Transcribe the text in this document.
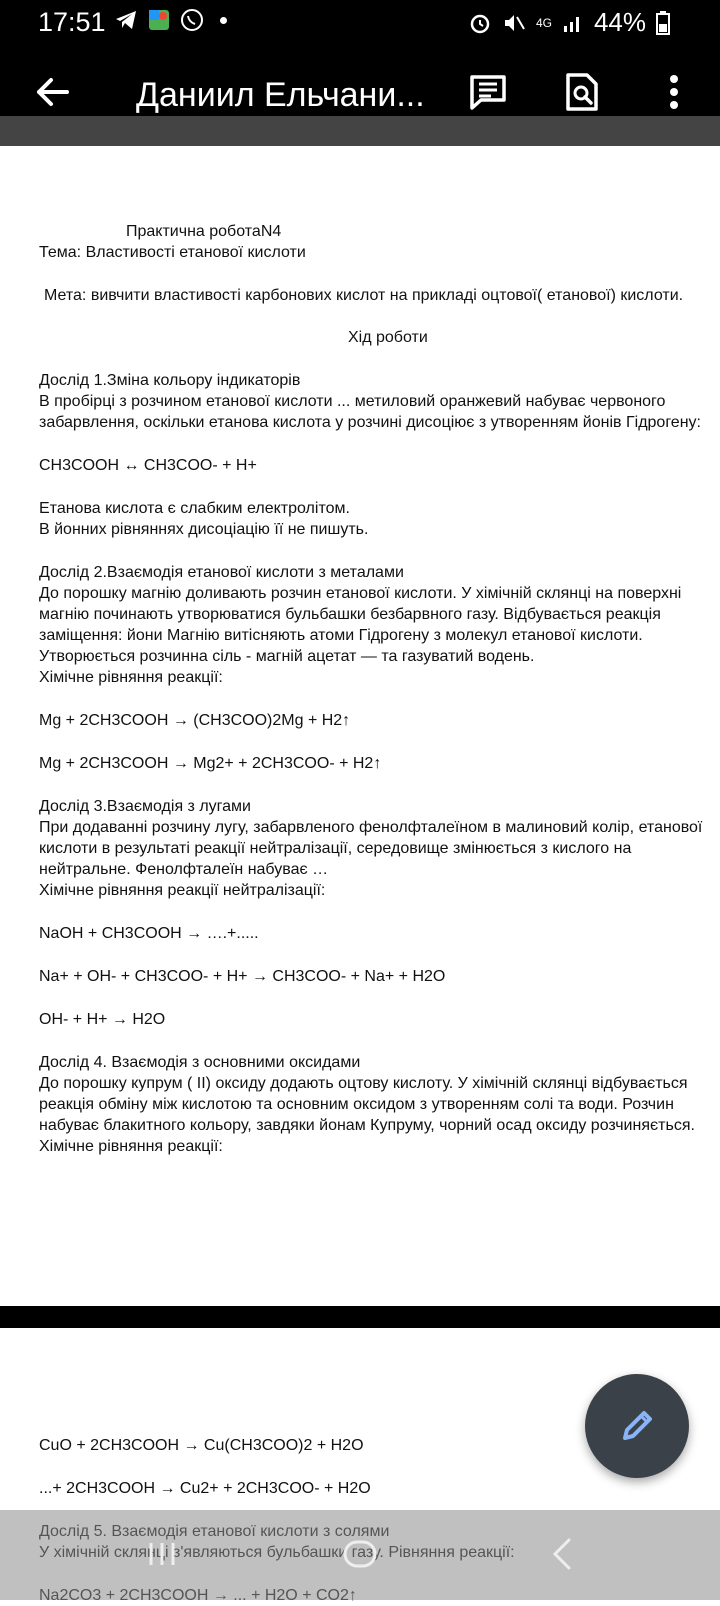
17:51	4G 44%
Даниил Ельчани...
Практична роботаN4
Тема: Властивості етанової кислоти
Мета: вивчити властивості карбонових кислот на прикладі оцтової( етанової) кислоти.
Хід роботи
Дослід 1.Зміна кольору індикаторів
В пробірці з розчином етанової кислоти ... метиловий оранжевий набуває червоного
забарвлення, оскільки етанова кислота у розчині дисоціює з утворенням йонів Гідрогену:
CH3COOH ↔ CH3COO- + H+
Етанова кислота є слабким електролітом.
В йонних рівняннях дисоціацію її не пишуть.
Дослід 2.Взаємодія етанової кислоти з металами
До порошку магнію доливають розчин етанової кислоти. У хімічній склянці на поверхні
магнію починають утворюватися бульбашки безбарвного газу. Відбувається реакція
заміщення: йони Магнію витісняють атоми Гідрогену з молекул етанової кислоти.
Утворюється розчинна сіль - магній ацетат — та газуватий водень.
Хімічне рівняння реакції:
Mg + 2CH3COOH → (CH3COO)2Mg + H2↑
Mg + 2CH3COOH → Mg2+ + 2CH3COO- + H2↑
Дослід 3.Взаємодія з лугами
При додаванні розчину лугу, забарвленого фенолфталеїном в малиновий колір, етанової
кислоти в результаті реакції нейтралізації, середовище змінюється з кислого на
нейтральне. Фенолфталеїн набуває …
Хімічне рівняння реакції нейтралізації:
NaOH + CH3COOH → ….+.....
Na+ + OH- + CH3COO- + H+ → CH3COO- + Na+ + H2O
OH- + H+ → H2O
Дослід 4. Взаємодія з основними оксидами
До порошку купрум ( ІІ) оксиду додають оцтову кислоту. У хімічній склянці відбувається
реакція обміну між кислотою та основним оксидом з утворенням солі та води. Розчин
набуває блакитного кольору, завдяки йонам Купруму, чорний осад оксиду розчиняється.
Хімічне рівняння реакції:
CuO + 2CH3COOH → Cu(CH3COO)2 + H2O
...+ 2CH3COOH → Cu2+ + 2CH3COO- + H2O
